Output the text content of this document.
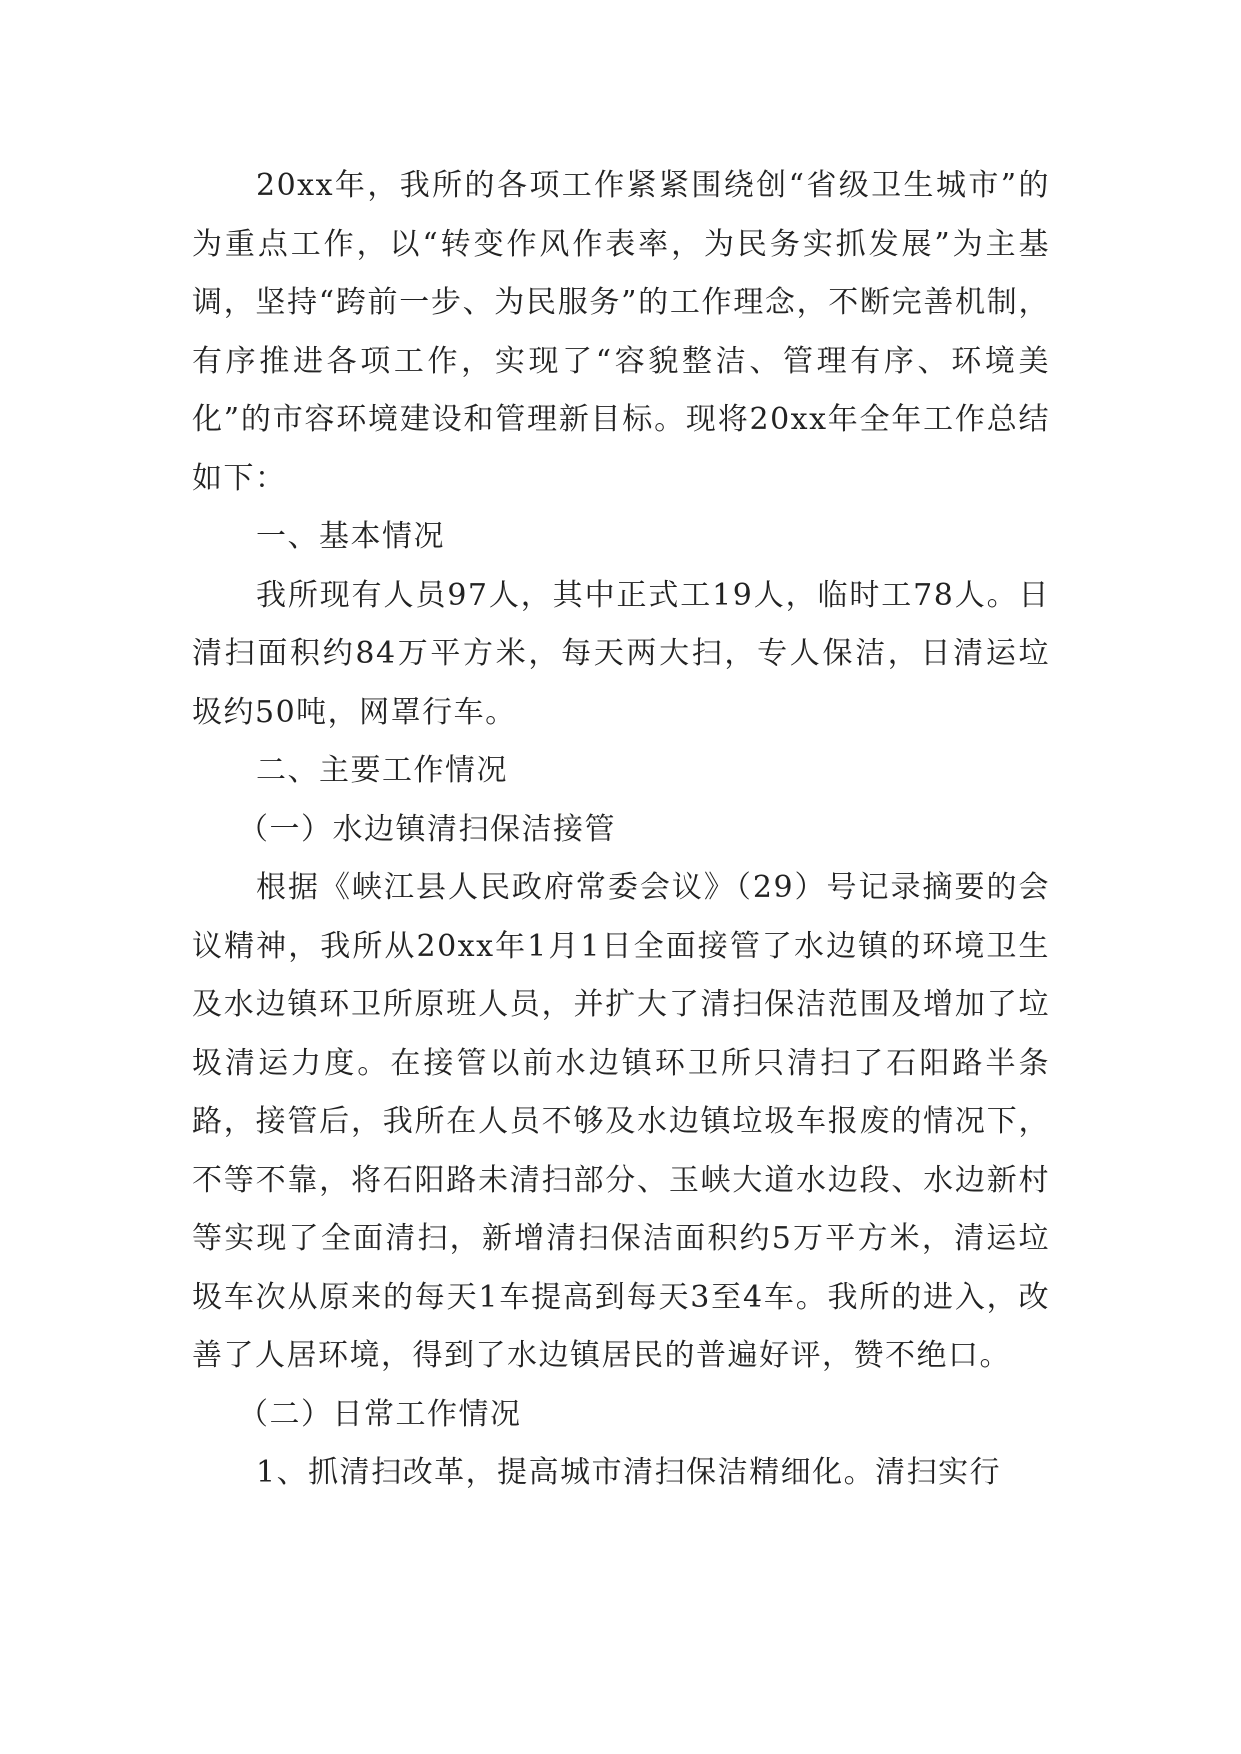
20xx年，我所的各项工作紧紧围绕创“省级卫生城市”的为重点工作，以“转变作风作表率，为民务实抓发展”为主基调，坚持“跨前一步、为民服务”的工作理念，不断完善机制，有序推进各项工作，实现了“容貌整洁、管理有序、环境美化”的市容环境建设和管理新目标。现将20xx年全年工作总结如下：

一、基本情况

我所现有人员97人，其中正式工19人，临时工78人。日清扫面积约84万平方米，每天两大扫，专人保洁，日清运垃圾约50吨，网罩行车。

二、主要工作情况

（一）水边镇清扫保洁接管

根据《峡江县人民政府常委会议》（29）号记录摘要的会议精神，我所从20xx年1月1日全面接管了水边镇的环境卫生及水边镇环卫所原班人员，并扩大了清扫保洁范围及增加了垃圾清运力度。在接管以前水边镇环卫所只清扫了石阳路半条路，接管后，我所在人员不够及水边镇垃圾车报废的情况下，不等不靠，将石阳路未清扫部分、玉峡大道水边段、水边新村等实现了全面清扫，新增清扫保洁面积约5万平方米，清运垃圾车次从原来的每天1车提高到每天3至4车。我所的进入，改善了人居环境，得到了水边镇居民的普遍好评，赞不绝口。

（二）日常工作情况

1、抓清扫改革，提高城市清扫保洁精细化。清扫实行
